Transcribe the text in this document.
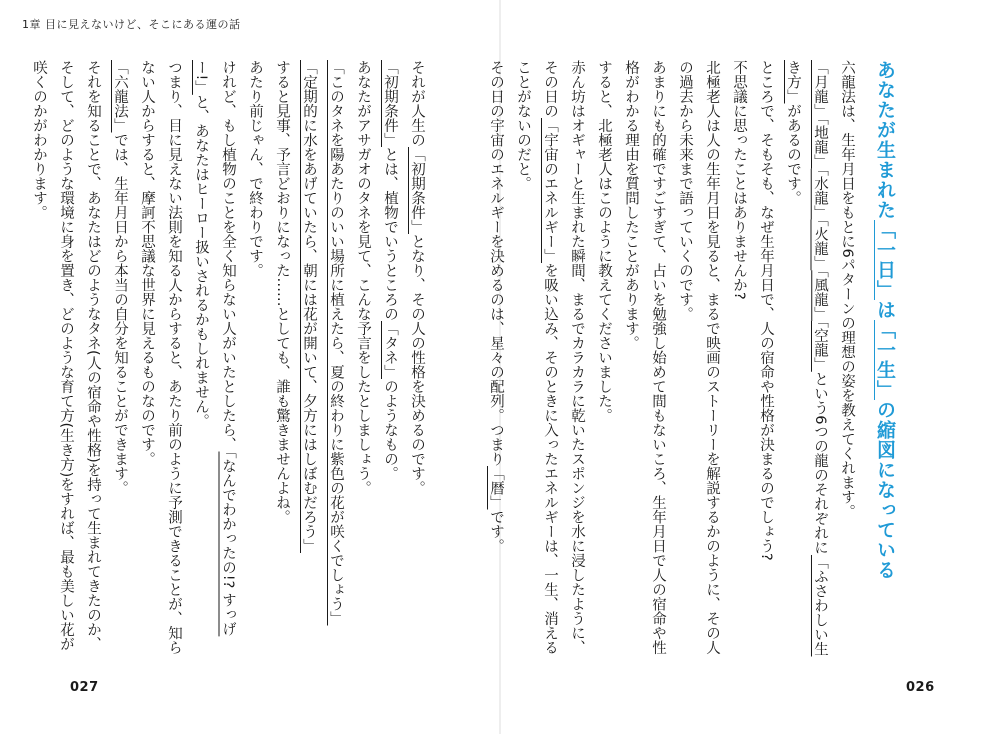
1章 目に見えないけど、そこにある運の話
それが人生の「初期条件」となり、その人の性格を決めるのです。
「初期条件」とは、植物でいうところの「タネ」のようなもの。
あなたがアサガオのタネを見て、こんな予言をしたとしましょう。
「このタネを陽あたりのいい場所に植えたら、夏の終わりに紫色の花が咲くでしょう」
「定期的に水をあげていたら、朝には花が開いて、夕方にはしぼむだろう」
すると見事、予言どおりになった……としても、誰も驚きませんよね。
あたり前じゃん、で終わりです。
けれど、もし植物のことを全く知らない人がいたとしたら、「なんでわかったの!? すっげー!」と、あなたはヒーロー扱いされるかもしれません。
つまり、目に見えない法則を知る人からすると、あたり前のように予測できることが、知らない人からすると、摩訶不思議な世界に見えるものなのです。
「六龍法」では、生年月日から本当の自分を知ることができます。
それを知ることで、あなたはどのようなタネ(人の宿命や性格)を持って生まれてきたのか、
そして、どのような環境に身を置き、どのような育て方(生き方)をすれば、最も美しい花が咲くのかがわかります。
027
あなたが生まれた「一日」は「一生」の縮図になっている
六龍法は、生年月日をもとに6パターンの理想の姿を教えてくれます。
「月龍」「地龍」「水龍」「火龍」「風龍」「空龍」という6つの龍のそれぞれに「ふさわしい生き方」があるのです。
ところで、そもそも、なぜ生年月日で、人の宿命や性格が決まるのでしょう?
不思議に思ったことはありませんか?
北極老人は人の生年月日を見ると、まるで映画のストーリーを解説するかのように、その人の過去から未来まで語っていくのです。
あまりにも的確ですごすぎて、占いを勉強し始めて間もないころ、生年月日で人の宿命や性格がわかる理由を質問したことがあります。
すると、北極老人はこのように教えてくださいました。
赤ん坊はオギャーと生まれた瞬間、まるでカラカラに乾いたスポンジを水に浸したように、その日の「宇宙のエネルギー」を吸い込み、そのときに入ったエネルギーは、一生、消えることがないのだと。
その日の宇宙のエネルギーを決めるのは、星々の配列。つまり「暦」です。
026
